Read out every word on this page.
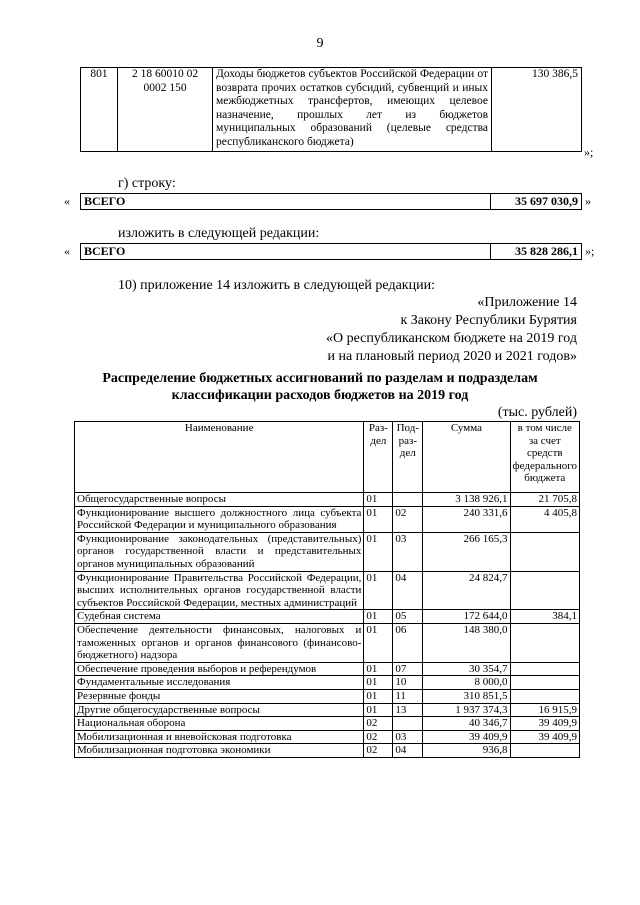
9
801	2 18 60010 02 0002 150	Доходы бюджетов субъектов Российской Федерации от возврата прочих остатков субсидий, субвенций и иных межбюджетных трансфертов, имеющих целевое назначение, прошлых лет из бюджетов муниципальных образований (целевые средства республиканского бюджета)	130 386,5
»;
г) строку:
« ВСЕГО	35 697 030,9 »
изложить в следующей редакции:
« ВСЕГО	35 828 286,1 »;
10) приложение 14 изложить в следующей редакции:
«Приложение 14
к Закону Республики Бурятия
«О республиканском бюджете на 2019 год
и на плановый период 2020 и 2021 годов»
Распределение бюджетных ассигнований по разделам и подразделам
классификации расходов бюджетов на 2019 год
(тыс. рублей)
Наименование	Раз-дел	Под-раз-дел	Сумма	в том числе за счет средств федерального бюджета
Общегосударственные вопросы	01		3 138 926,1	21 705,8
Функционирование высшего должностного лица субъекта Российской Федерации и муниципального образования	01	02	240 331,6	4 405,8
Функционирование законодательных (представительных) органов государственной власти и представительных органов муниципальных образований	01	03	266 165,3	
Функционирование Правительства Российской Федерации, высших исполнительных органов государственной власти субъектов Российской Федерации, местных администраций	01	04	24 824,7	
Судебная система	01	05	172 644,0	384,1
Обеспечение деятельности финансовых, налоговых и таможенных органов и органов финансового (финансово-бюджетного) надзора	01	06	148 380,0	
Обеспечение проведения выборов и референдумов	01	07	30 354,7	
Фундаментальные исследования	01	10	8 000,0	
Резервные фонды	01	11	310 851,5	
Другие общегосударственные вопросы	01	13	1 937 374,3	16 915,9
Национальная оборона	02		40 346,7	39 409,9
Мобилизационная и вневойсковая подготовка	02	03	39 409,9	39 409,9
Мобилизационная подготовка экономики	02	04	936,8	
